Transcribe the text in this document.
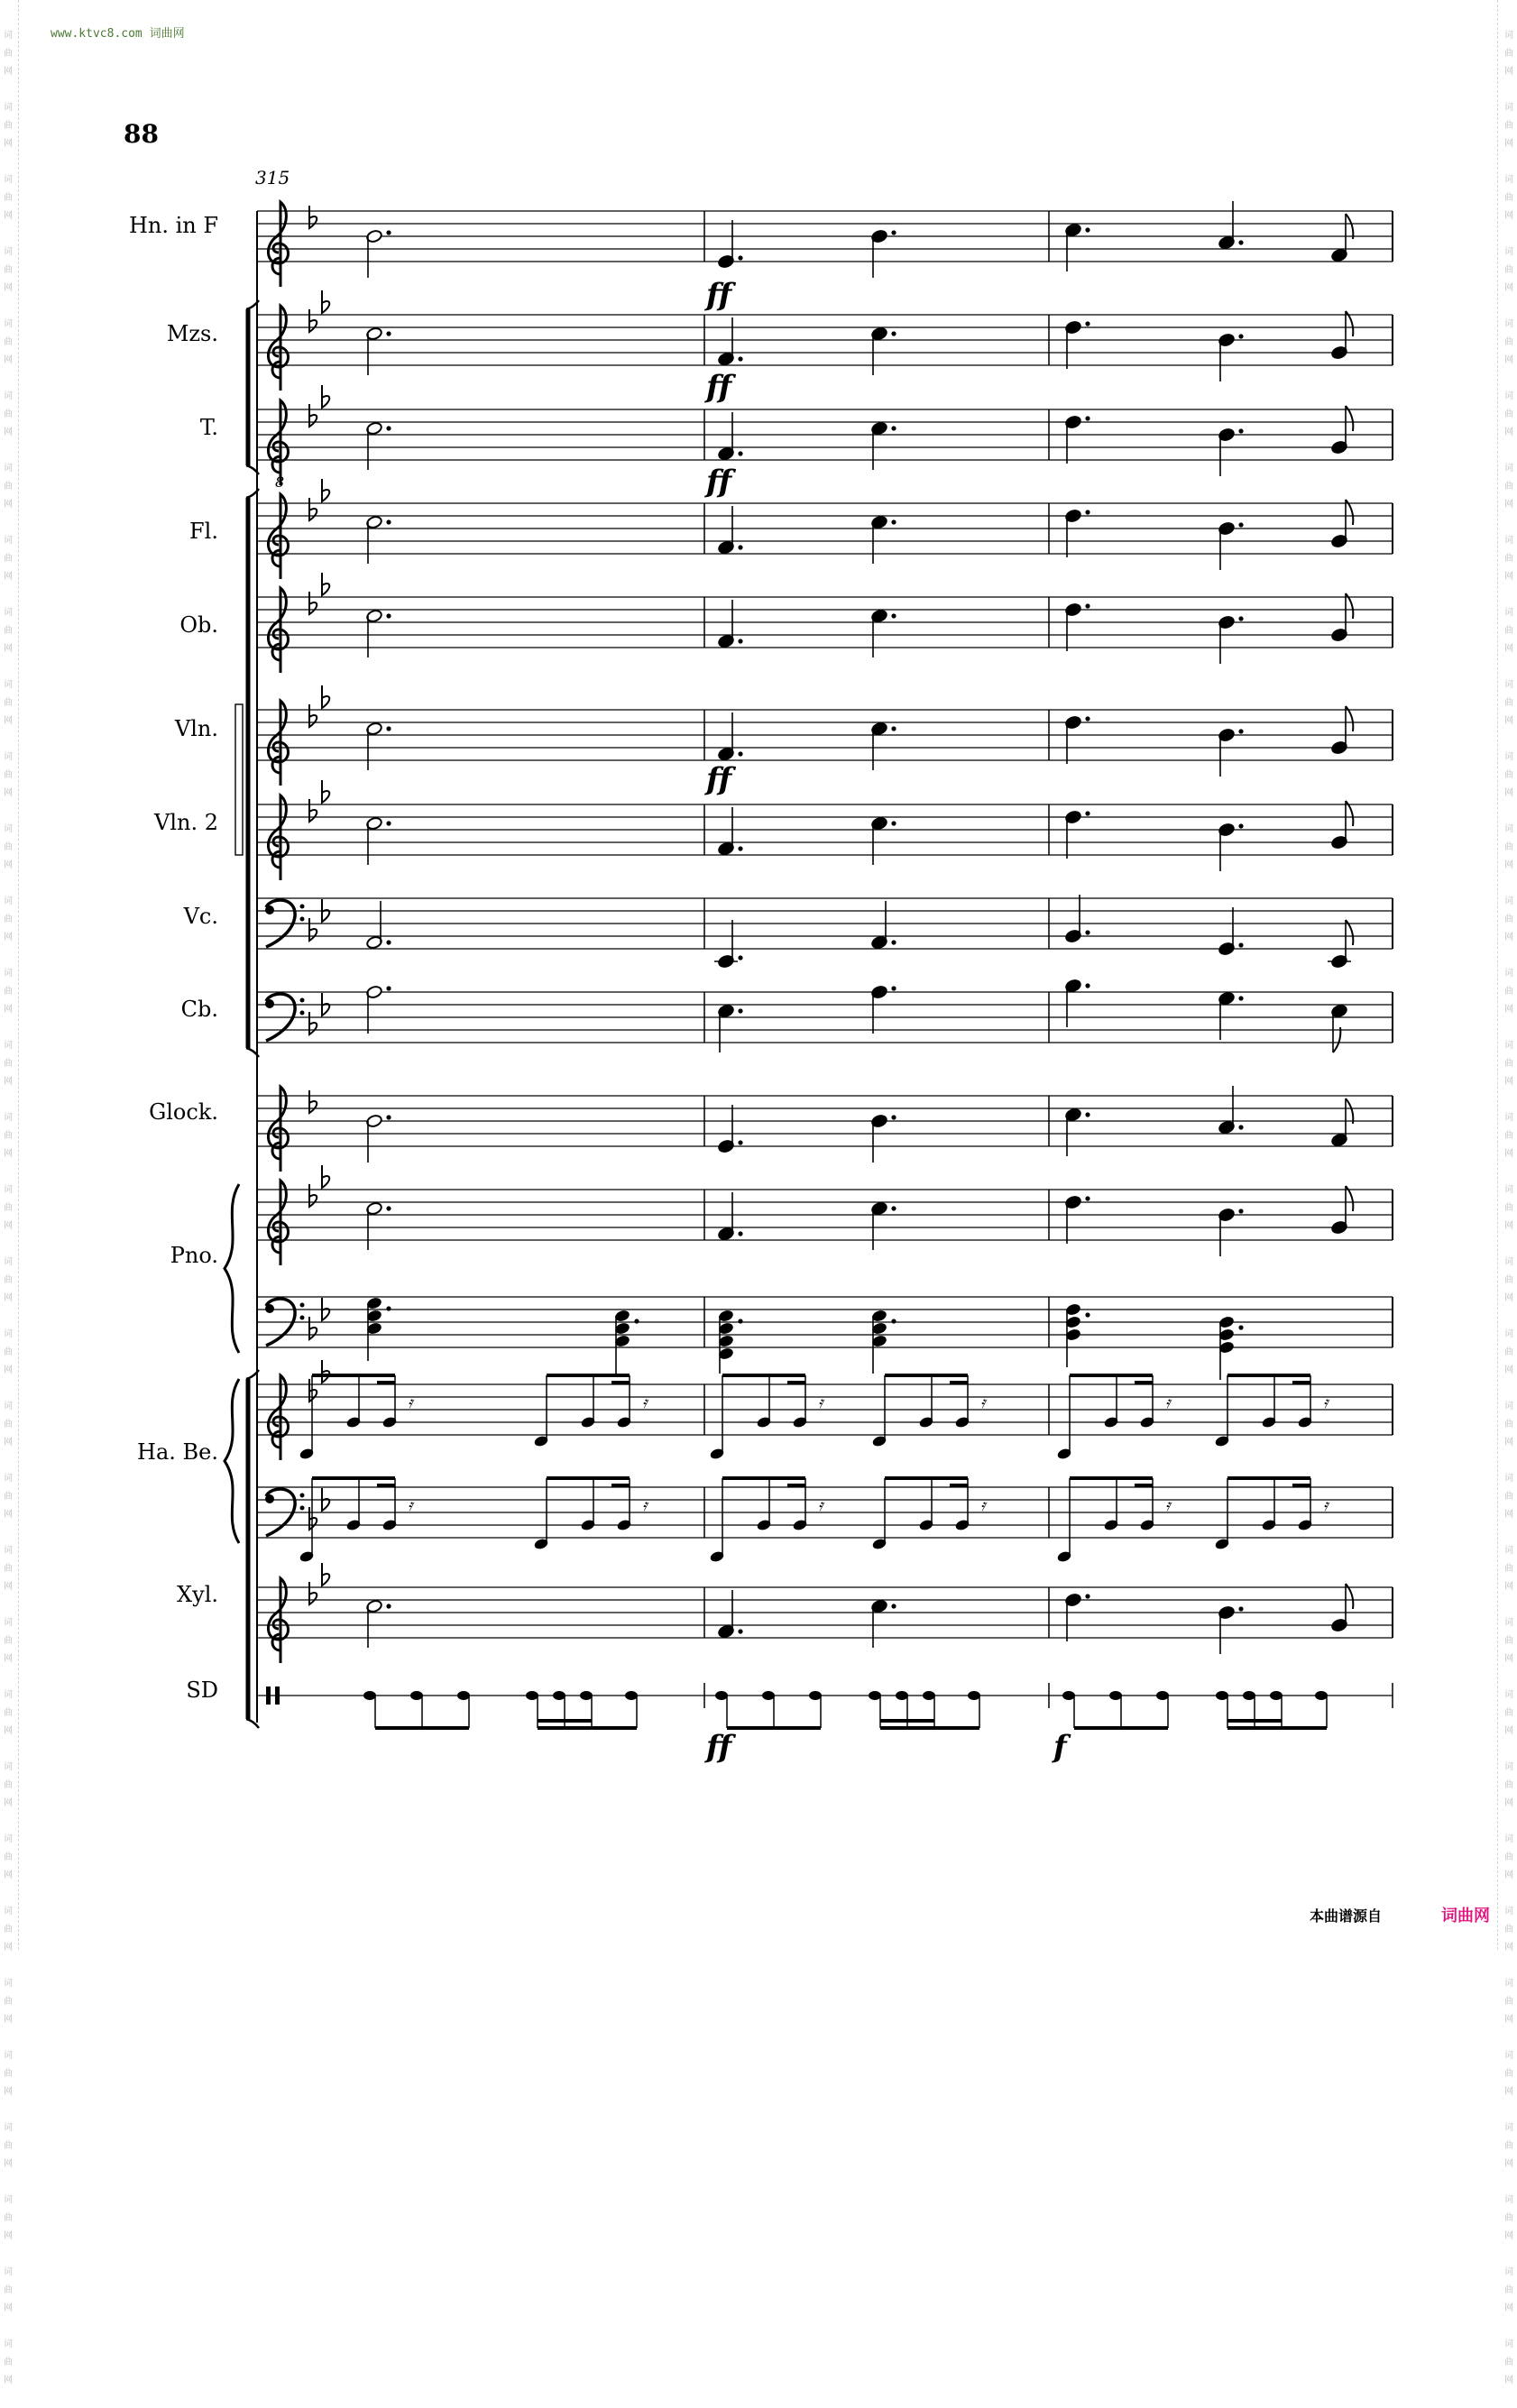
词
曲
网

词
曲
网

词
曲
网

词
曲
网

词
曲
网

词
曲
网

词
曲
网

词
曲
网

词
曲
网

词
曲
网

词
曲
网

词
曲
网

词
曲
网

词
曲
网

词
曲
网

词
曲
网

词
曲
网

词
曲
网

词
曲
网

词
曲
网

词
曲
网

词
曲
网

词
曲
网

词
曲
网

词
曲
网

词
曲
网

词
曲
网

词
曲
网

词
曲
网

词
曲
网

词
曲
网

词
曲
网

词
曲
网

词
曲
网

词
曲
网

词
曲
网

词
曲
网

词
曲
网

词
曲
网

词
曲
网

词
曲
网

词
曲
网

词
曲
网

词
曲
网

词
曲
网

词
曲
网

词
曲
网

词
曲
网

词
曲
网

词
曲
网

词
曲
网

词
曲
网

词
曲
网

词
曲
网

词
曲
网

词
曲
网

词
曲
网

词
曲
网

词
曲
网

词
曲
网

词
曲
网

词
曲
网

词
曲
网

词
曲
网

词
曲
网

词
曲
网

www.ktvc8.com 词曲网
88
𝄿
𝄿
𝄿
𝄿
𝄿
𝄿
𝄿
𝄿
𝄿
𝄿
𝄿
𝄿
Hn. in F
Mzs.
T.
Fl.
Ob.
Vln.
Vln. 2
Vc.
Cb.
Glock.
Pno.
Ha. Be.
Xyl.
SD
315
8
ff
ff
ff
ff
ff	f
本曲谱源自	词曲网
